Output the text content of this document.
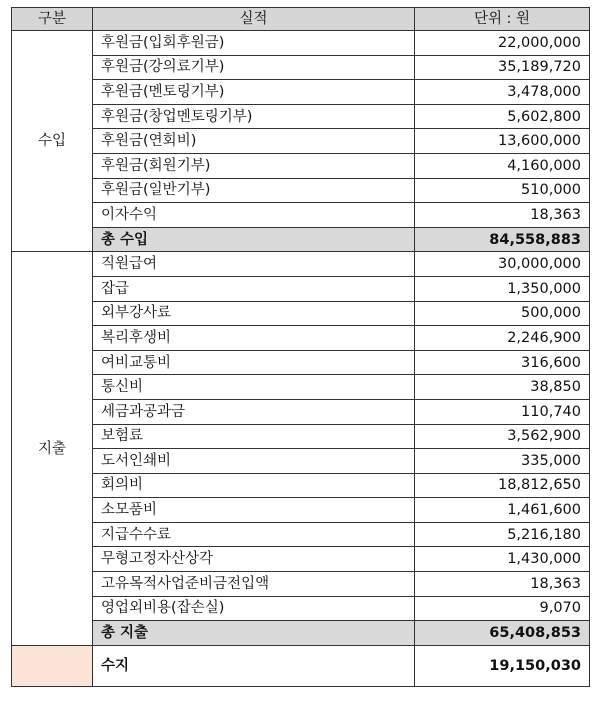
구분	실적	단위 : 원
수입	후원금(입회후원금)	22,000,000
	후원금(강의료기부)	35,189,720
	후원금(멘토링기부)	3,478,000
	후원금(창업멘토링기부)	5,602,800
	후원금(연회비)	13,600,000
	후원금(회원기부)	4,160,000
	후원금(일반기부)	510,000
	이자수익	18,363
	총 수입	84,558,883
지출	직원급여	30,000,000
	잡급	1,350,000
	외부강사료	500,000
	복리후생비	2,246,900
	여비교통비	316,600
	통신비	38,850
	세금과공과금	110,740
	보험료	3,562,900
	도서인쇄비	335,000
	회의비	18,812,650
	소모품비	1,461,600
	지급수수료	5,216,180
	무형고정자산상각	1,430,000
	고유목적사업준비금전입액	18,363
	영업외비용(잡손실)	9,070
	총 지출	65,408,853
	수지	19,150,030
